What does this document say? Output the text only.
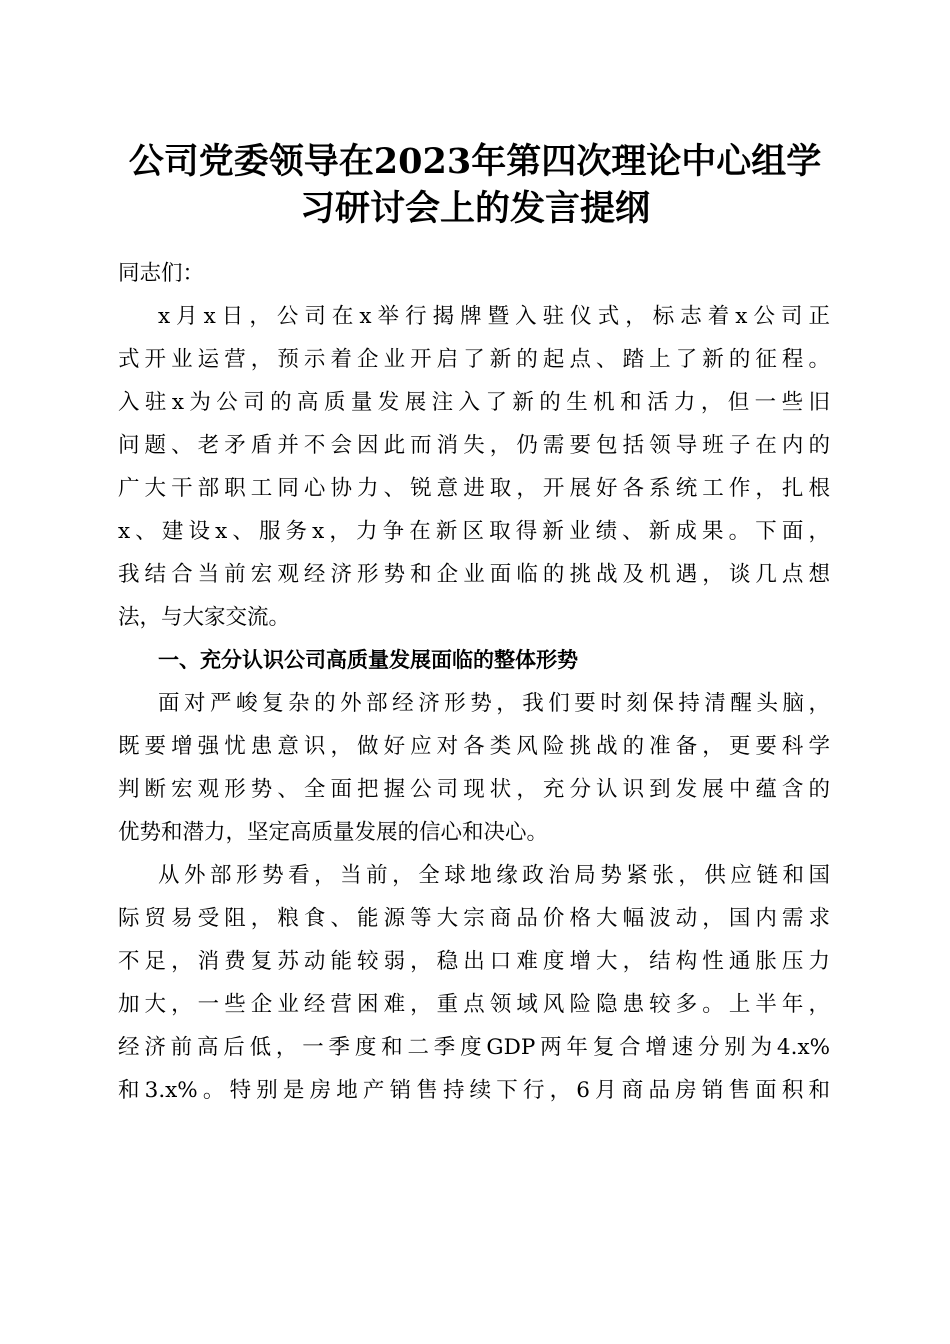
公司党委领导在2023年第四次理论中心组学
习研讨会上的发言提纲
同志们：
x月x日，公司在x举行揭牌暨入驻仪式，标志着x公司正
式开业运营，预示着企业开启了新的起点、踏上了新的征程。
入驻x为公司的高质量发展注入了新的生机和活力，但一些旧
问题、老矛盾并不会因此而消失，仍需要包括领导班子在内的
广大干部职工同心协力、锐意进取，开展好各系统工作，扎根
x、建设x、服务x，力争在新区取得新业绩、新成果。下面，
我结合当前宏观经济形势和企业面临的挑战及机遇，谈几点想
法，与大家交流。
一、充分认识公司高质量发展面临的整体形势
面对严峻复杂的外部经济形势，我们要时刻保持清醒头脑，
既要增强忧患意识，做好应对各类风险挑战的准备，更要科学
判断宏观形势、全面把握公司现状，充分认识到发展中蕴含的
优势和潜力，坚定高质量发展的信心和决心。
从外部形势看，当前，全球地缘政治局势紧张，供应链和国
际贸易受阻，粮食、能源等大宗商品价格大幅波动，国内需求
不足，消费复苏动能较弱，稳出口难度增大，结构性通胀压力
加大，一些企业经营困难，重点领域风险隐患较多。上半年，
经济前高后低，一季度和二季度GDP两年复合增速分别为4.x%
和3.x%。特别是房地产销售持续下行，6月商品房销售面积和
